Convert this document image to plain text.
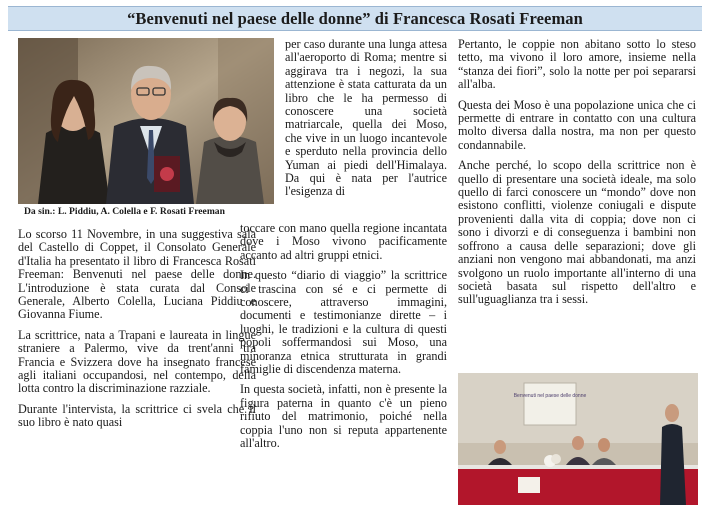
“Benvenuti nel paese delle donne” di Francesca Rosati Freeman
Da sin.: L. Piddiu, A. Colella e F. Rosati Freeman

Lo scorso 11 Novembre, in una suggestiva sala del Castello di Coppet, il Consolato Generale d'Italia ha presentato il libro di Francesca Rosati Freeman: Benvenuti nel paese delle donne. L'introduzione è stata curata dal Console Generale, Alberto Colella, Luciana Piddiu e Giovanna Fiume.

La scrittrice, nata a Trapani e laureata in lingue straniere a Palermo, vive da trent'anni tra Francia e Svizzera dove ha insegnato francese agli italiani occupandosi, nel contempo, della lotta contro la discriminazione razziale.

Durante l'intervista, la scrittrice ci svela che il suo libro è nato quasi

per caso durante una lunga attesa all'aeroporto di Roma; mentre si aggirava tra i negozi, la sua attenzione è stata catturata da un libro che le ha permesso di conoscere una società matriarcale, quella dei Moso, che vive in un luogo incantevole e sperduto nella provincia dello Yuman ai piedi dell'Himalaya. Da qui è nata per l'autrice l'esigenza di

toccare con mano quella regione incantata dove i Moso vivono pacificamente accanto ad altri gruppi etnici.

In questo “diario di viaggio” la scrittrice ci trascina con sé e ci permette di conoscere, attraverso immagini, documenti e testimonianze dirette – i luoghi, le tradizioni e la cultura di questi popoli soffermandosi sui Moso, una minoranza etnica strutturata in grandi famiglie di discendenza materna.

In questa società, infatti, non è presente la figura paterna in quanto c'è un pieno rifiuto del matrimonio, poiché nella coppia l'uno non si reputa appartenente all'altro.

Pertanto, le coppie non abitano sotto lo steso tetto, ma vivono il loro amore, insieme nella “stanza dei fiori”, solo la notte per poi separarsi all'alba.

Questa dei Moso è una popolazione unica che ci permette di entrare in contatto con una cultura molto diversa dalla nostra, ma non per questo condannabile.

Anche perché, lo scopo della scrittrice non è quello di presentare una società ideale, ma solo quello di farci conoscere un “mondo” dove non esistono conflitti, violenze coniugali e dispute provenienti dalla vita di coppia; dove non ci sono i divorzi e di conseguenza i bambini non soffrono a causa delle separazioni; dove gli anziani non vengono mai abbandonati, ma anzi svolgono un ruolo importante all'interno di una società basata sul rispetto dell'altro e sull'uguaglianza tra i sessi.

Benvenuti nel paese delle donne
